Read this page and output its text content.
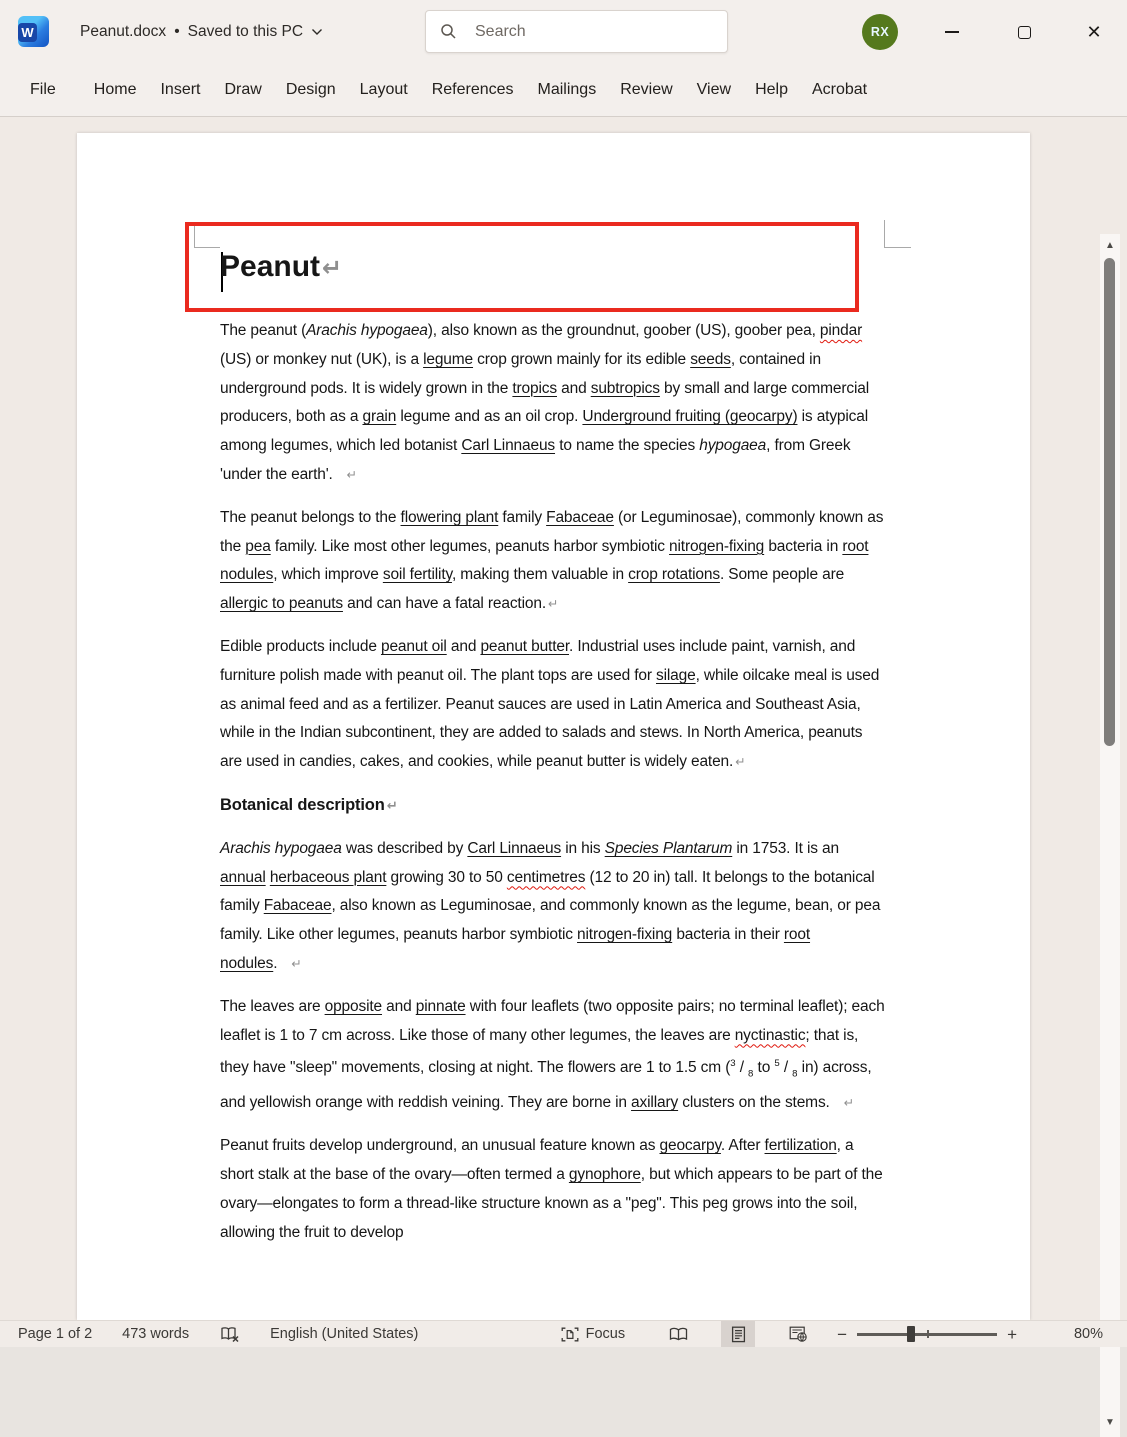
W	Peanut.docx • Saved to this PC
Search	RX	✕
File	Home	Insert	Draw	Design	Layout	References	Mailings	Review	View	Help	Acrobat
Peanut↵
The peanut (Arachis hypogaea), also known as the groundnut, goober (US), goober pea, pindar (US) or monkey nut (UK), is a legume crop grown mainly for its edible seeds, contained in underground pods. It is widely grown in the tropics and subtropics by small and large commercial producers, both as a grain legume and as an oil crop. Underground fruiting (geocarpy) is atypical among legumes, which led botanist Carl Linnaeus to name the species hypogaea, from Greek 'under the earth'. ↵
The peanut belongs to the flowering plant family Fabaceae (or Leguminosae), commonly known as the pea family. Like most other legumes, peanuts harbor symbiotic nitrogen-fixing bacteria in root nodules, which improve soil fertility, making them valuable in crop rotations. Some people are allergic to peanuts and can have a fatal reaction. ↵
Edible products include peanut oil and peanut butter. Industrial uses include paint, varnish, and furniture polish made with peanut oil. The plant tops are used for silage, while oilcake meal is used as animal feed and as a fertilizer. Peanut sauces are used in Latin America and Southeast Asia, while in the Indian subcontinent, they are added to salads and stews. In North America, peanuts are used in candies, cakes, and cookies, while peanut butter is widely eaten. ↵
Botanical description ↵
Arachis hypogaea was described by Carl Linnaeus in his Species Plantarum in 1753. It is an annual herbaceous plant growing 30 to 50 centimetres (12 to 20 in) tall. It belongs to the botanical family Fabaceae, also known as Leguminosae, and commonly known as the legume, bean, or pea family. Like other legumes, peanuts harbor symbiotic nitrogen-fixing bacteria in their root nodules. ↵
The leaves are opposite and pinnate with four leaflets (two opposite pairs; no terminal leaflet); each leaflet is 1 to 7 cm across. Like those of many other legumes, the leaves are nyctinastic; that is, they have "sleep" movements, closing at night. The flowers are 1 to 1.5 cm ($^3$ / $_8$ to $^5$ / $_8$ in) across, and yellowish orange with reddish veining. They are borne in axillary clusters on the stems. ↵
Peanut fruits develop underground, an unusual feature known as geocarpy. After fertilization, a short stalk at the base of the ovary—often termed a gynophore, but which appears to be part of the ovary—elongates to form a thread-like structure known as a "peg". This peg grows into the soil, allowing the fruit to develop
▲
▼
Page 1 of 2 473 words	English (United States)	Focus	−	+	80%
